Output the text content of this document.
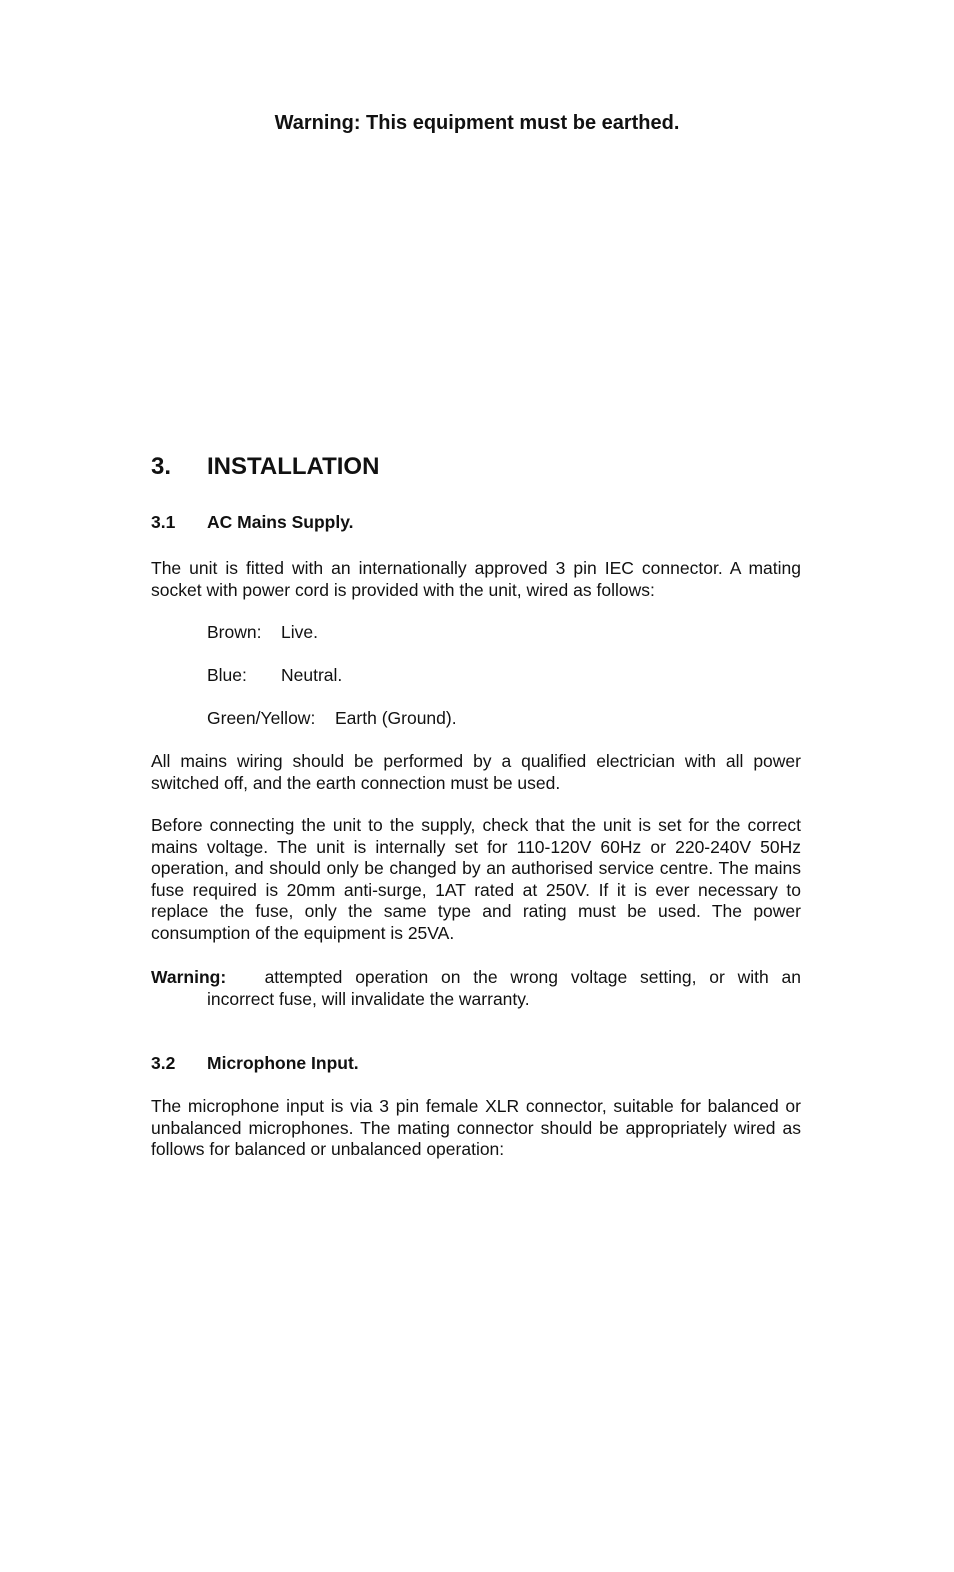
Warning: This equipment must be earthed.
3. INSTALLATION
3.1 AC Mains Supply.

The unit is fitted with an internationally approved 3 pin IEC connector. A mating socket with power cord is provided with the unit, wired as follows:

Brown: Live.

Blue: Neutral.

Green/Yellow: Earth (Ground).

All mains wiring should be performed by a qualified electrician with all power switched off, and the earth connection must be used.

Before connecting the unit to the supply, check that the unit is set for the correct mains voltage. The unit is internally set for 110-120V 60Hz or 220-240V 50Hz operation, and should only be changed by an authorised service centre. The mains fuse required is 20mm anti-surge, 1AT rated at 250V. If it is ever necessary to replace the fuse, only the same type and rating must be used. The power consumption of the equipment is 25VA.

Warning: attempted operation on the wrong voltage setting, or with an
incorrect fuse, will invalidate the warranty.

3.2 Microphone Input.

The microphone input is via 3 pin female XLR connector, suitable for balanced or unbalanced microphones. The mating connector should be appropriately wired as follows for balanced or unbalanced operation:
